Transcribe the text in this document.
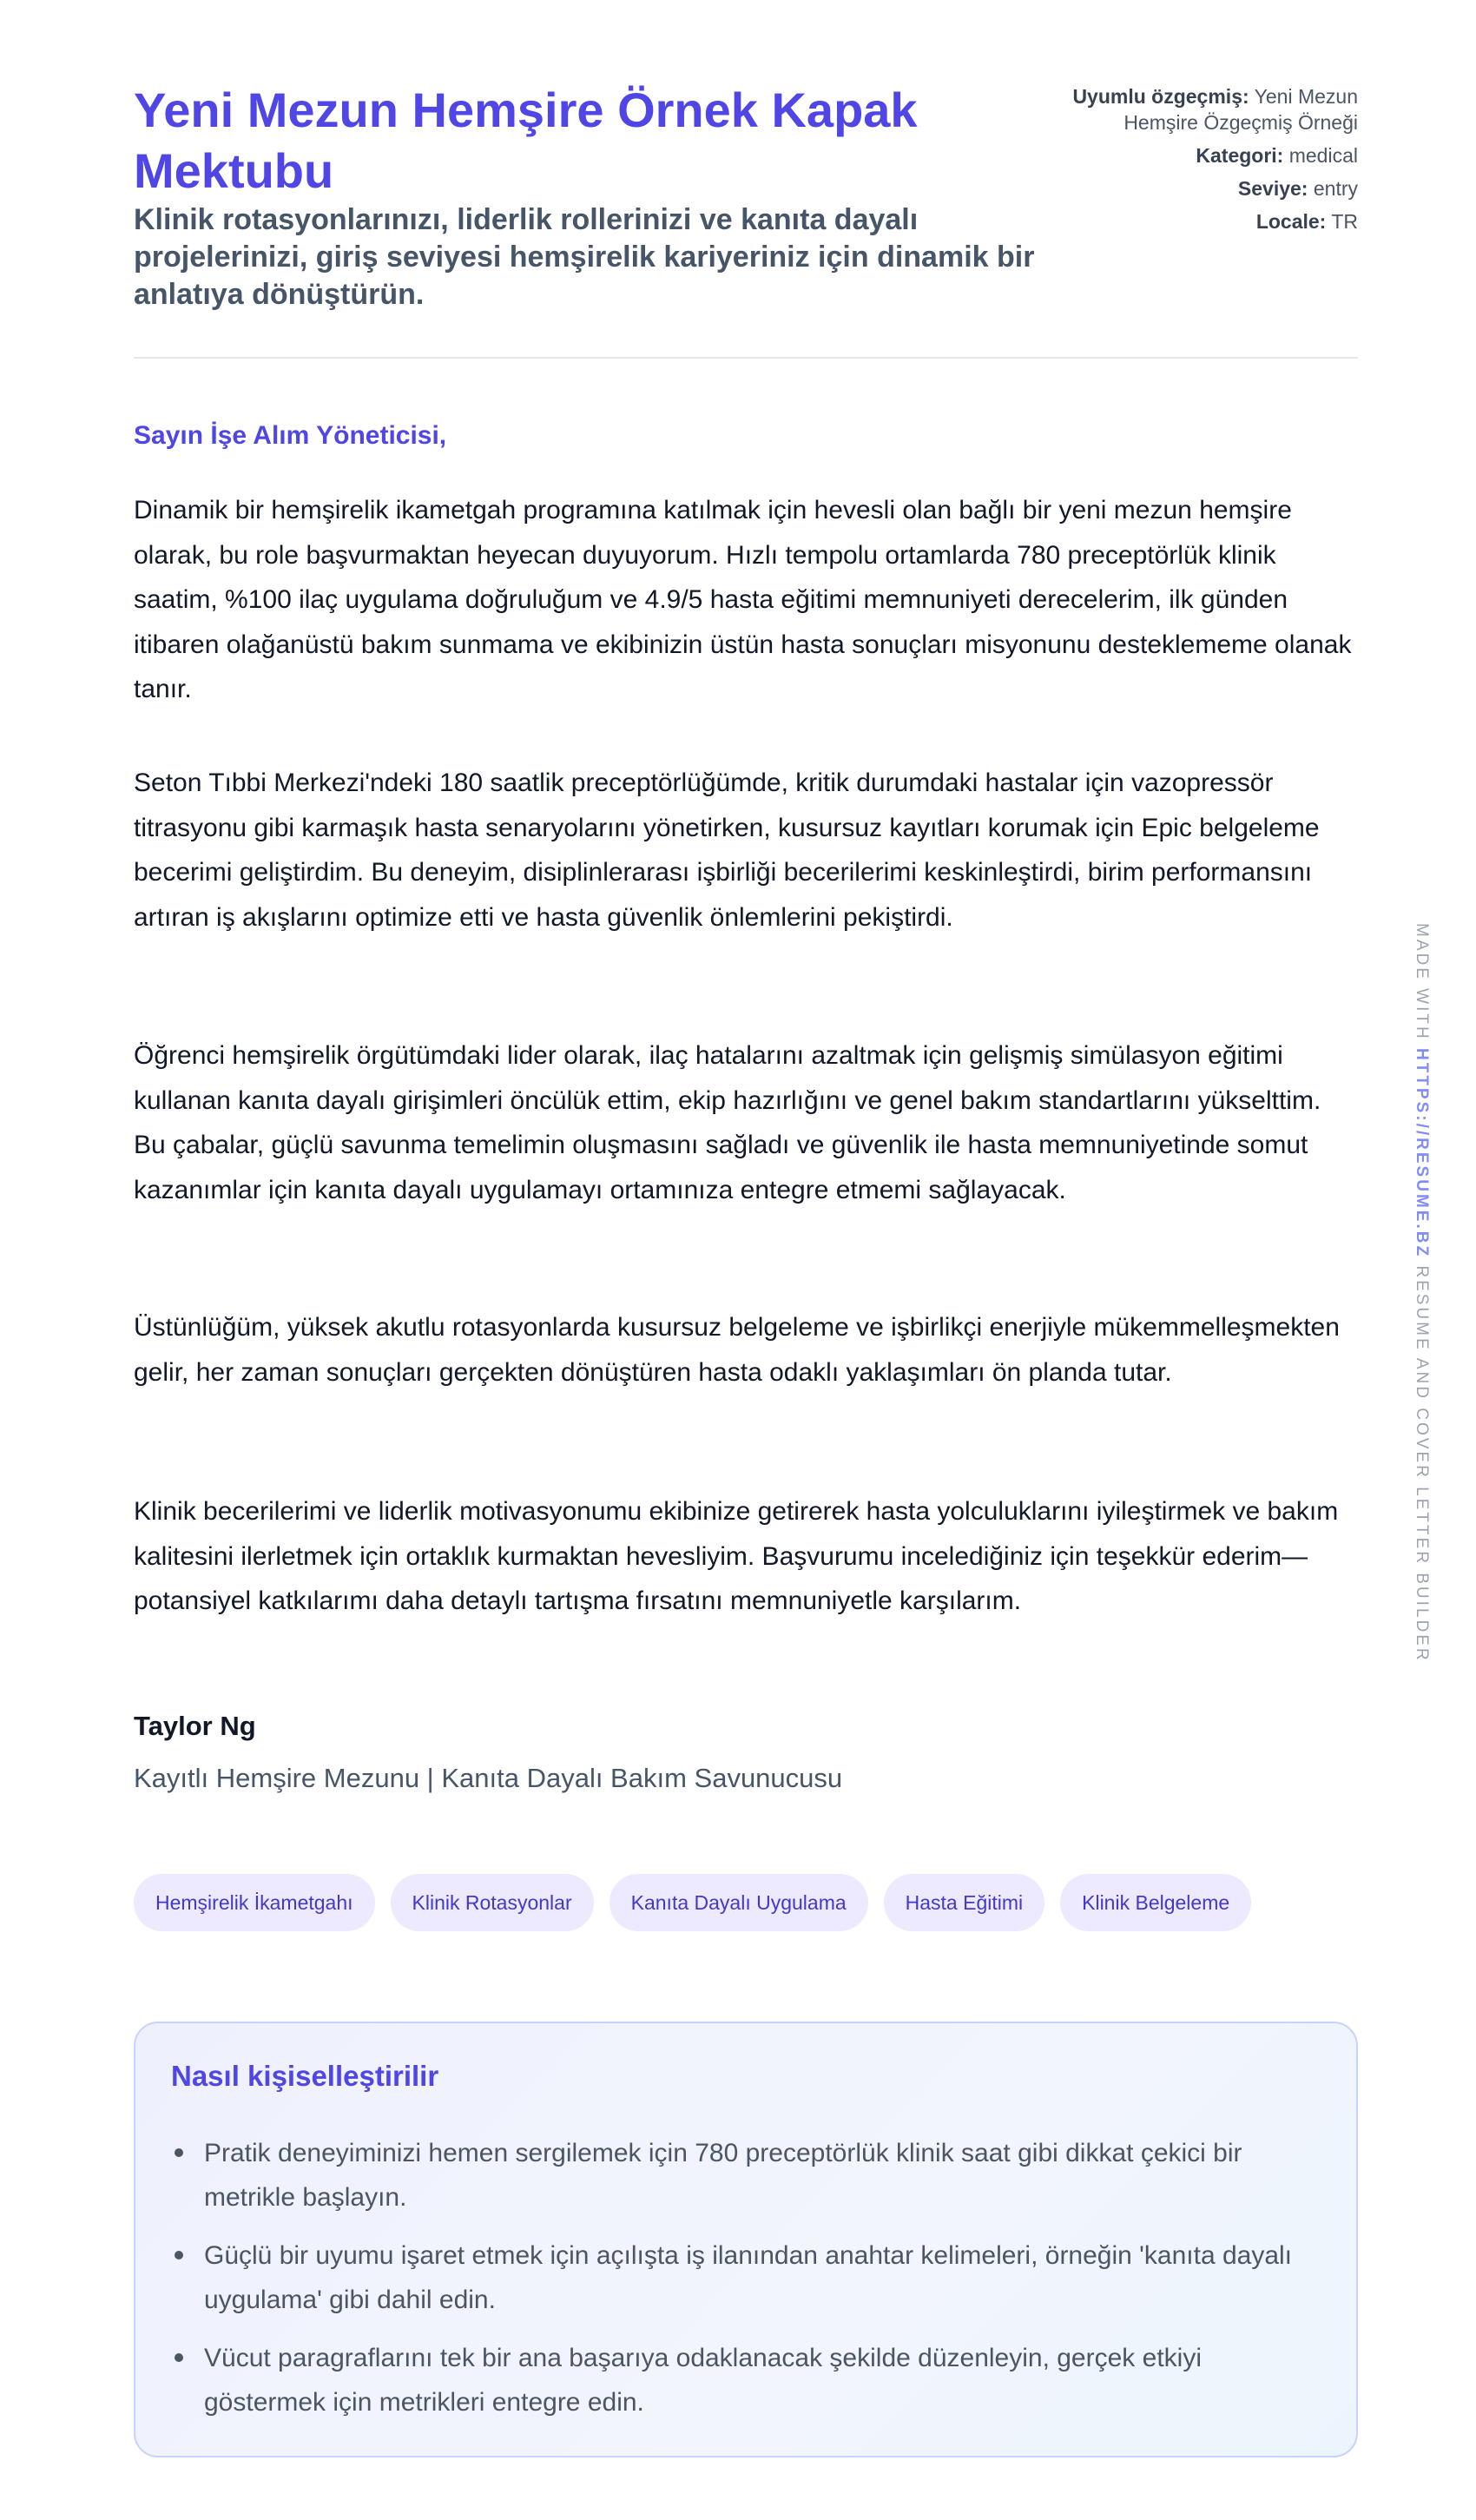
Yeni Mezun Hemşire Örnek Kapak Mektubu

Klinik rotasyonlarınızı, liderlik rollerinizi ve kanıta dayalı projelerinizi, giriş seviyesi hemşirelik kariyeriniz için dinamik bir anlatıya dönüştürün.

Uyumlu özgeçmiş: Yeni Mezun Hemşire Özgeçmiş Örneği
Kategori: medical
Seviye: entry
Locale: TR

Sayın İşe Alım Yöneticisi,

Dinamik bir hemşirelik ikametgah programına katılmak için hevesli olan bağlı bir yeni mezun hemşire olarak, bu role başvurmaktan heyecan duyuyorum. Hızlı tempolu ortamlarda 780 preceptörlük klinik saatim, %100 ilaç uygulama doğruluğum ve 4.9/5 hasta eğitimi memnuniyeti derecelerim, ilk günden itibaren olağanüstü bakım sunmama ve ekibinizin üstün hasta sonuçları misyonunu desteklememe olanak tanır.

Seton Tıbbi Merkezi'ndeki 180 saatlik preceptörlüğümde, kritik durumdaki hastalar için vazopressör titrasyonu gibi karmaşık hasta senaryolarını yönetirken, kusursuz kayıtları korumak için Epic belgeleme becerimi geliştirdim. Bu deneyim, disiplinlerarası işbirliği becerilerimi keskinleştirdi, birim performansını artıran iş akışlarını optimize etti ve hasta güvenlik önlemlerini pekiştirdi.

Öğrenci hemşirelik örgütümdaki lider olarak, ilaç hatalarını azaltmak için gelişmiş simülasyon eğitimi kullanan kanıta dayalı girişimleri öncülük ettim, ekip hazırlığını ve genel bakım standartlarını yükselttim. Bu çabalar, güçlü savunma temelimin oluşmasını sağladı ve güvenlik ile hasta memnuniyetinde somut kazanımlar için kanıta dayalı uygulamayı ortamınıza entegre etmemi sağlayacak.

Üstünlüğüm, yüksek akutlu rotasyonlarda kusursuz belgeleme ve işbirlikçi enerjiyle mükemmelleşmekten gelir, her zaman sonuçları gerçekten dönüştüren hasta odaklı yaklaşımları ön planda tutar.

Klinik becerilerimi ve liderlik motivasyonumu ekibinize getirerek hasta yolculuklarını iyileştirmek ve bakım kalitesini ilerletmek için ortaklık kurmaktan hevesliyim. Başvurumu incelediğiniz için teşekkür ederim—potansiyel katkılarımı daha detaylı tartışma fırsatını memnuniyetle karşılarım.

Taylor Ng
Kayıtlı Hemşire Mezunu | Kanıta Dayalı Bakım Savunucusu
Hemşirelik İkametgahı	Klinik Rotasyonlar	Kanıta Dayalı Uygulama	Hasta Eğitimi	Klinik Belgeleme
Nasıl kişiselleştirilir
Pratik deneyiminizi hemen sergilemek için 780 preceptörlük klinik saat gibi dikkat çekici bir metrikle başlayın.
Güçlü bir uyumu işaret etmek için açılışta iş ilanından anahtar kelimeleri, örneğin 'kanıta dayalı uygulama' gibi dahil edin.
Vücut paragraflarını tek bir ana başarıya odaklanacak şekilde düzenleyin, gerçek etkiyi göstermek için metrikleri entegre edin.
MADE WITH HTTPS://RESUME.BZ RESUME AND COVER LETTER BUILDER
